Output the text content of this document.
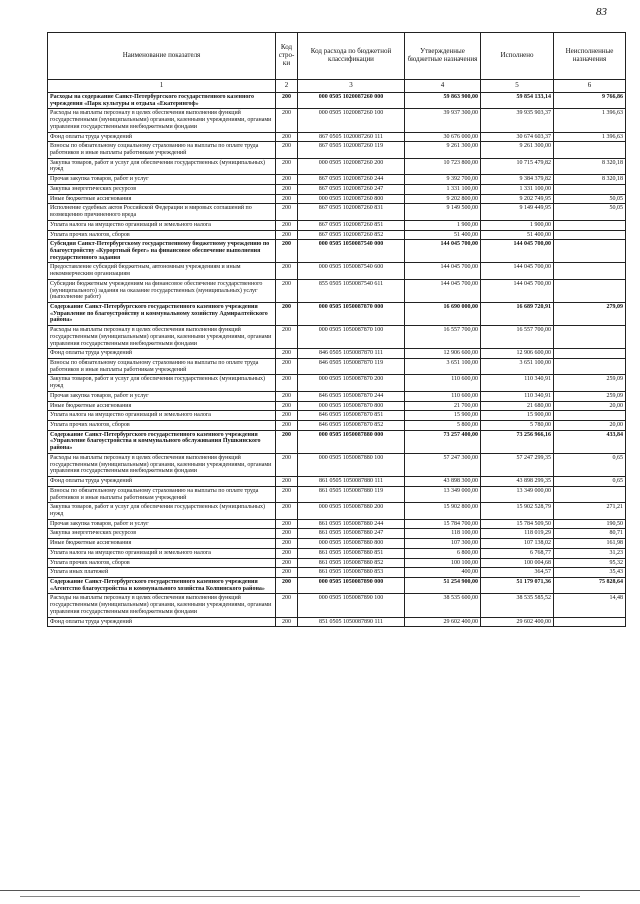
83
Наименование показателя	Код стро-ки	Код расхода по бюджетной классификации	Утвержденные бюджетные назначения	Исполнено	Неисполненные назначения
1	2	3	4	5	6
Расходы на содержание Санкт-Петербургского государственного казенного учреждения «Парк культуры и отдыха «Екатерингоф»	200	000 0505 1020087260 000	59 863 900,00	59 854 133,14	9 766,86
Расходы на выплаты персоналу в целях обеспечения выполнения функций государственными (муниципальными) органами, казенными учреждениями, органами управления государственными внебюджетными фондами	200	000 0505 1020087260 100	39 937 300,00	39 935 903,37	1 396,63
Фонд оплаты труда учреждений	200	867 0505 1020087260 111	30 676 000,00	30 674 603,37	1 396,63
Взносы по обязательному социальному страхованию на выплаты по оплате труда работников и иные выплаты работникам учреждений	200	867 0505 1020087260 119	9 261 300,00	9 261 300,00	
Закупка товаров, работ и услуг для обеспечения государственных (муниципальных) нужд	200	000 0505 1020087260 200	10 723 800,00	10 715 479,82	8 320,18
Прочая закупка товаров, работ и услуг	200	867 0505 1020087260 244	9 392 700,00	9 384 379,82	8 320,18
Закупка энергетических ресурсов	200	867 0505 1020087260 247	1 331 100,00	1 331 100,00	
Иные бюджетные ассигнования	200	000 0505 1020087260 800	9 202 800,00	9 202 749,95	50,05
Исполнение судебных актов Российской Федерации и мировых соглашений по возмещению причиненного вреда	200	867 0505 1020087260 831	9 149 500,00	9 149 449,95	50,05
Уплата налога на имущество организаций и земельного налога	200	867 0505 1020087260 851	1 900,00	1 900,00	
Уплата прочих налогов, сборов	200	867 0505 1020087260 852	51 400,00	51 400,00	
Субсидия Санкт-Петербургскому государственному бюджетному учреждению по благоустройству «Курортный берег» на финансовое обеспечение выполнения государственного задания	200	000 0505 1050087540 000	144 045 700,00	144 045 700,00	
Предоставление субсидий бюджетным, автономным учреждениям и иным некоммерческим организациям	200	000 0505 1050087540 600	144 045 700,00	144 045 700,00	
Субсидии бюджетным учреждениям на финансовое обеспечение государственного (муниципального) задания на оказание государственных (муниципальных) услуг (выполнение работ)	200	855 0505 1050087540 611	144 045 700,00	144 045 700,00	
Содержание Санкт-Петербургского государственного казенного учреждения «Управление по благоустройству и коммунальному хозяйству Адмиралтейского района»	200	000 0505 1050087870 000	16 690 000,00	16 689 720,91	279,09
Расходы на выплаты персоналу в целях обеспечения выполнения функций государственными (муниципальными) органами, казенными учреждениями, органами управления государственными внебюджетными фондами	200	000 0505 1050087870 100	16 557 700,00	16 557 700,00	
Фонд оплаты труда учреждений	200	846 0505 1050087870 111	12 906 600,00	12 906 600,00	
Взносы по обязательному социальному страхованию на выплаты по оплате труда работников и иные выплаты работникам учреждений	200	846 0505 1050087870 119	3 651 100,00	3 651 100,00	
Закупка товаров, работ и услуг для обеспечения государственных (муниципальных) нужд	200	000 0505 1050087870 200	110 600,00	110 340,91	259,09
Прочая закупка товаров, работ и услуг	200	846 0505 1050087870 244	110 600,00	110 340,91	259,09
Иные бюджетные ассигнования	200	000 0505 1050087870 800	21 700,00	21 680,00	20,00
Уплата налога на имущество организаций и земельного налога	200	846 0505 1050087870 851	15 900,00	15 900,00	
Уплата прочих налогов, сборов	200	846 0505 1050087870 852	5 800,00	5 780,00	20,00
Содержание Санкт-Петербургского государственного казенного учреждения «Управление благоустройства и коммунального обслуживания Пушкинского района»	200	000 0505 1050087880 000	73 257 400,00	73 256 966,16	433,84
Расходы на выплаты персоналу в целях обеспечения выполнения функций государственными (муниципальными) органами, казенными учреждениями, органами управления государственными внебюджетными фондами	200	000 0505 1050087880 100	57 247 300,00	57 247 299,35	0,65
Фонд оплаты труда учреждений	200	861 0505 1050087880 111	43 898 300,00	43 898 299,35	0,65
Взносы по обязательному социальному страхованию на выплаты по оплате труда работников и иные выплаты работникам учреждений	200	861 0505 1050087880 119	13 349 000,00	13 349 000,00	
Закупка товаров, работ и услуг для обеспечения государственных (муниципальных) нужд	200	000 0505 1050087880 200	15 902 800,00	15 902 528,79	271,21
Прочая закупка товаров, работ и услуг	200	861 0505 1050087880 244	15 784 700,00	15 784 509,50	190,50
Закупка энергетических ресурсов	200	861 0505 1050087880 247	118 100,00	118 019,29	80,71
Иные бюджетные ассигнования	200	000 0505 1050087880 800	107 300,00	107 138,02	161,98
Уплата налога на имущество организаций и земельного налога	200	861 0505 1050087880 851	6 800,00	6 768,77	31,23
Уплата прочих налогов, сборов	200	861 0505 1050087880 852	100 100,00	100 004,68	95,32
Уплата иных платежей	200	861 0505 1050087880 853	400,00	364,57	35,43
Содержание Санкт-Петербургского государственного казенного учреждения «Агентство благоустройства и коммунального хозяйства Колпинского района»	200	000 0505 1050087890 000	51 254 900,00	51 179 071,36	75 828,64
Расходы на выплаты персоналу в целях обеспечения выполнения функций государственными (муниципальными) органами, казенными учреждениями, органами управления государственными внебюджетными фондами	200	000 0505 1050087890 100	38 535 600,00	38 535 585,52	14,48
Фонд оплаты труда учреждений	200	851 0505 1050087890 111	29 602 400,00	29 602 400,00	
